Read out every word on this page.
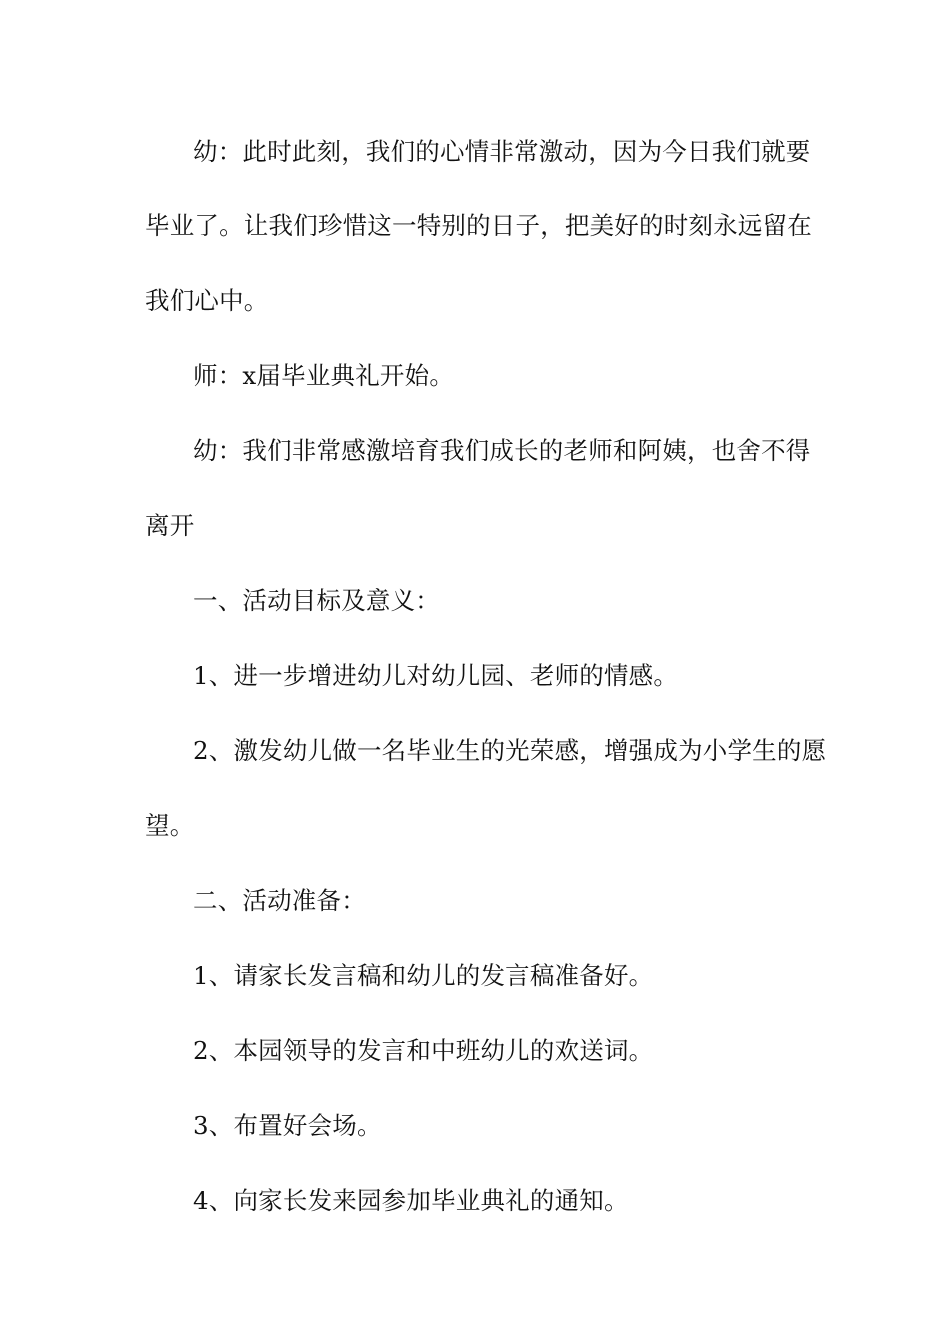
幼：此时此刻，我们的心情非常激动，因为今日我们就要
毕业了。让我们珍惜这一特别的日子，把美好的时刻永远留在
我们心中。
师：x届毕业典礼开始。
幼：我们非常感激培育我们成长的老师和阿姨，也舍不得
离开
一、活动目标及意义：
1、进一步增进幼儿对幼儿园、老师的情感。
2、激发幼儿做一名毕业生的光荣感，增强成为小学生的愿
望。
二、活动准备：
1、请家长发言稿和幼儿的发言稿准备好。
2、本园领导的发言和中班幼儿的欢送词。
3、布置好会场。
4、向家长发来园参加毕业典礼的通知。
